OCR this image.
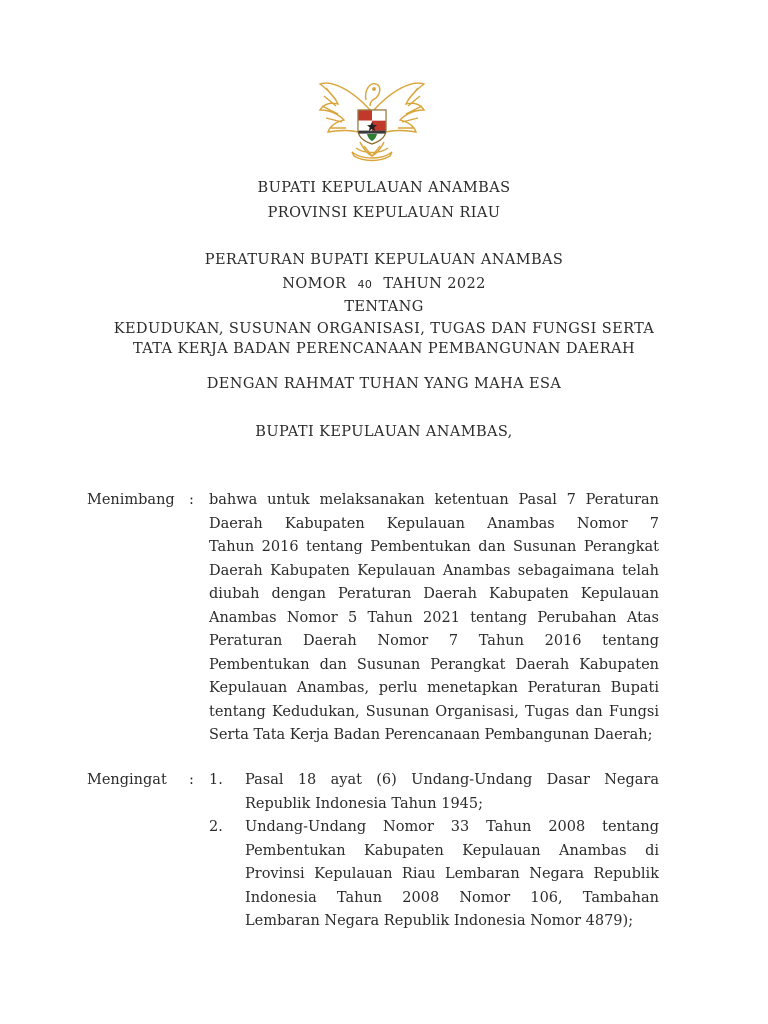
BUPATI KEPULAUAN ANAMBAS
PROVINSI KEPULAUAN RIAU
PERATURAN BUPATI KEPULAUAN ANAMBAS
NOMOR 40 TAHUN 2022
TENTANG
KEDUDUKAN, SUSUNAN ORGANISASI, TUGAS DAN FUNGSI SERTA
TATA KERJA BADAN PERENCANAAN PEMBANGUNAN DAERAH
DENGAN RAHMAT TUHAN YANG MAHA ESA
BUPATI KEPULAUAN ANAMBAS,
Menimbang : bahwa untuk melaksanakan ketentuan Pasal 7 Peraturan
Daerah Kabupaten Kepulauan Anambas Nomor 7
Tahun 2016 tentang Pembentukan dan Susunan Perangkat
Daerah Kabupaten Kepulauan Anambas sebagaimana telah
diubah dengan Peraturan Daerah Kabupaten Kepulauan
Anambas Nomor 5 Tahun 2021 tentang Perubahan Atas
Peraturan Daerah Nomor 7 Tahun 2016 tentang
Pembentukan dan Susunan Perangkat Daerah Kabupaten
Kepulauan Anambas, perlu menetapkan Peraturan Bupati
tentang Kedudukan, Susunan Organisasi, Tugas dan Fungsi
Serta Tata Kerja Badan Perencanaan Pembangunan Daerah;
Mengingat : 1. Pasal 18 ayat (6) Undang-Undang Dasar Negara
Republik Indonesia Tahun 1945;
2. Undang-Undang Nomor 33 Tahun 2008 tentang
Pembentukan Kabupaten Kepulauan Anambas di
Provinsi Kepulauan Riau Lembaran Negara Republik
Indonesia Tahun 2008 Nomor 106, Tambahan
Lembaran Negara Republik Indonesia Nomor 4879);
